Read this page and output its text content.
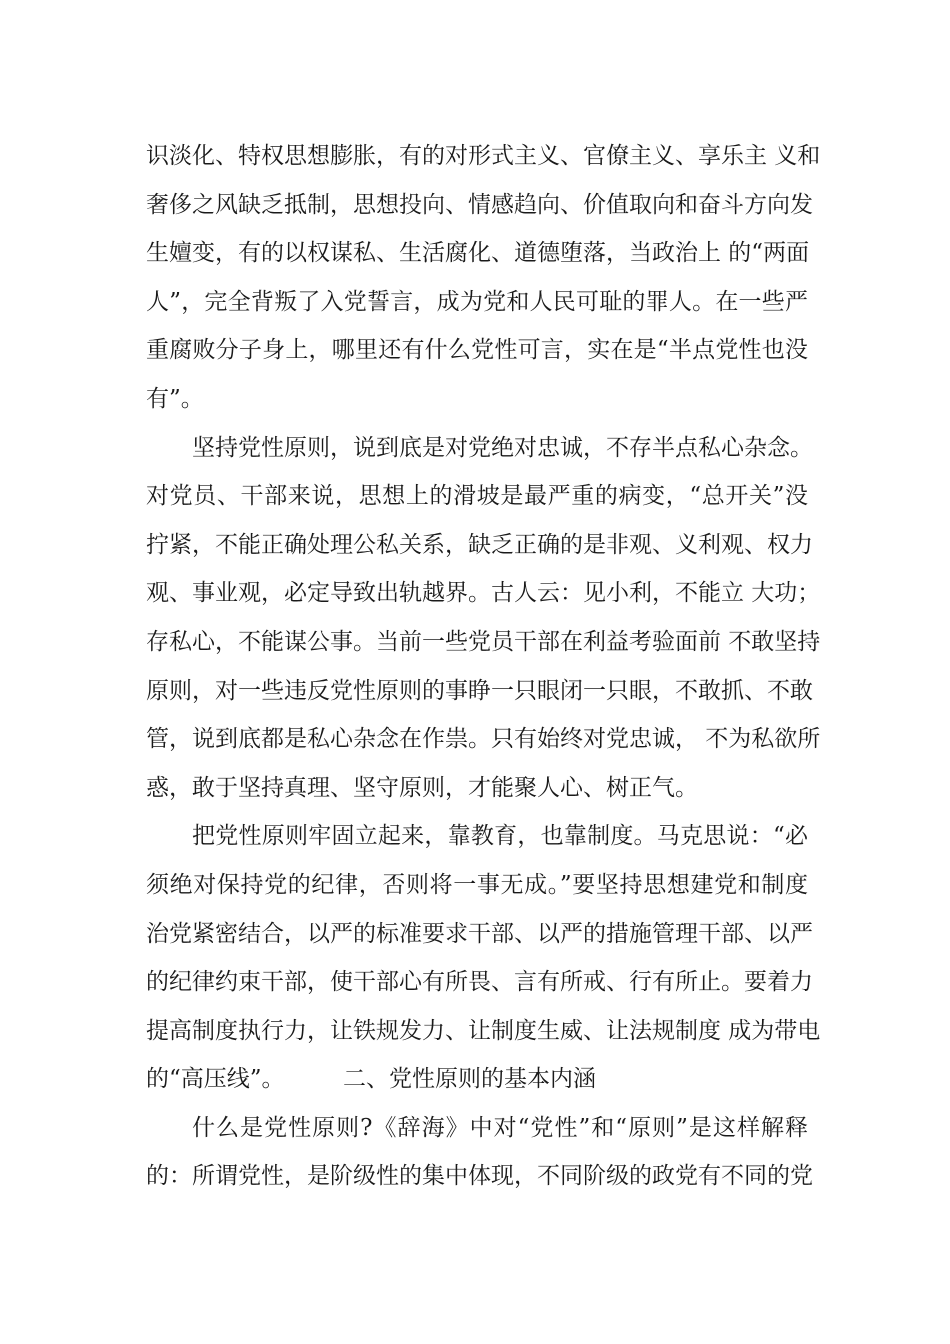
识淡化、特权思想膨胀，有的对形式主义、官僚主义、享乐主 义和
奢侈之风缺乏抵制，思想投向、情感趋向、价值取向和奋斗方向发
生嬗变，有的以权谋私、生活腐化、道德堕落，当政治上 的“两面
人”，完全背叛了入党誓言，成为党和人民可耻的罪人。在一些严
重腐败分子身上，哪里还有什么党性可言，实在是“半点党性也没
有”。
坚持党性原则，说到底是对党绝对忠诚，不存半点私心杂念。
对党员、干部来说，思想上的滑坡是最严重的病变，“总开关”没
拧紧，不能正确处理公私关系，缺乏正确的是非观、义利观、权力
观、事业观，必定导致出轨越界。古人云：见小利，不能立 大功；
存私心，不能谋公事。当前一些党员干部在利益考验面前 不敢坚持
原则，对一些违反党性原则的事睁一只眼闭一只眼，不敢抓、不敢
管，说到底都是私心杂念在作祟。只有始终对党忠诚， 不为私欲所
惑，敢于坚持真理、坚守原则，才能聚人心、树正气。
把党性原则牢固立起来，靠教育，也靠制度。马克思说：“必
须绝对保持党的纪律，否则将一事无成。”要坚持思想建党和制度
治党紧密结合，以严的标准要求干部、以严的措施管理干部、以严
的纪律约束干部，使干部心有所畏、言有所戒、行有所止。要着力
提高制度执行力，让铁规发力、让制度生威、让法规制度 成为带电
的“高压线”。        二、党性原则的基本内涵
什么是党性原则?《辞海》中对“党性”和“原则”是这样解释
的：所谓党性，是阶级性的集中体现，不同阶级的政党有不同的党
